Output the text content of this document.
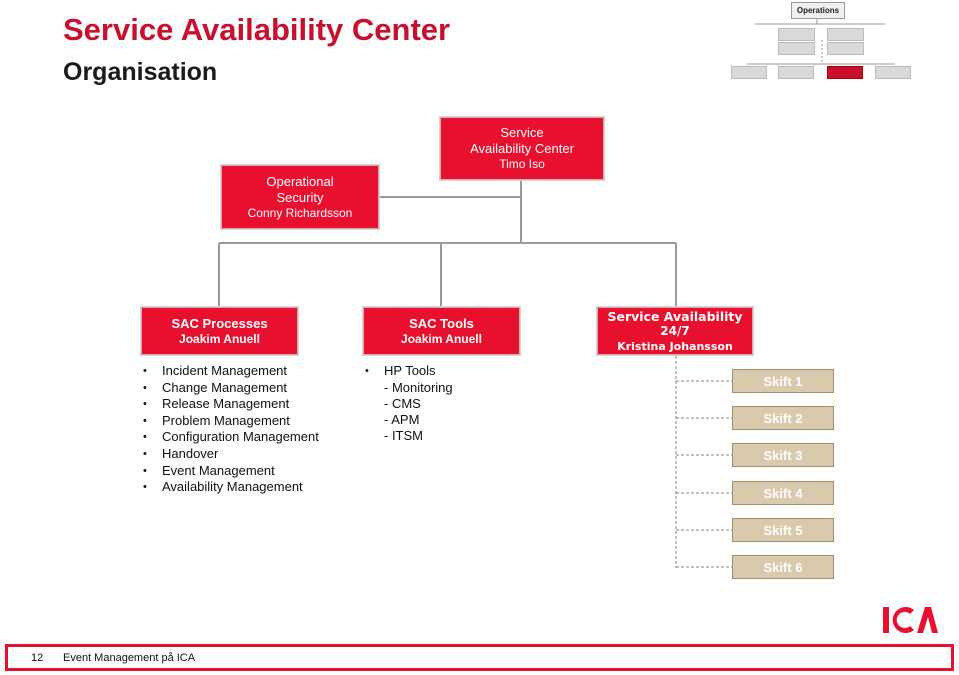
Service Availability Center
Organisation
Operations
Service
Availability Center
Timo Iso
Operational
Security
Conny Richardsson
SAC Processes
Joakim Anuell
SAC Tools
Joakim Anuell
Service Availability
24/7
Kristina Johansson
• Incident Management
• Change Management
• Release Management
• Problem Management
• Configuration Management
• Handover
• Event Management
• Availability Management
• HP Tools
- Monitoring
- CMS
- APM
- ITSM
Skift 1
Skift 2
Skift 3
Skift 4
Skift 5
Skift 6
12 Event Management på ICA
